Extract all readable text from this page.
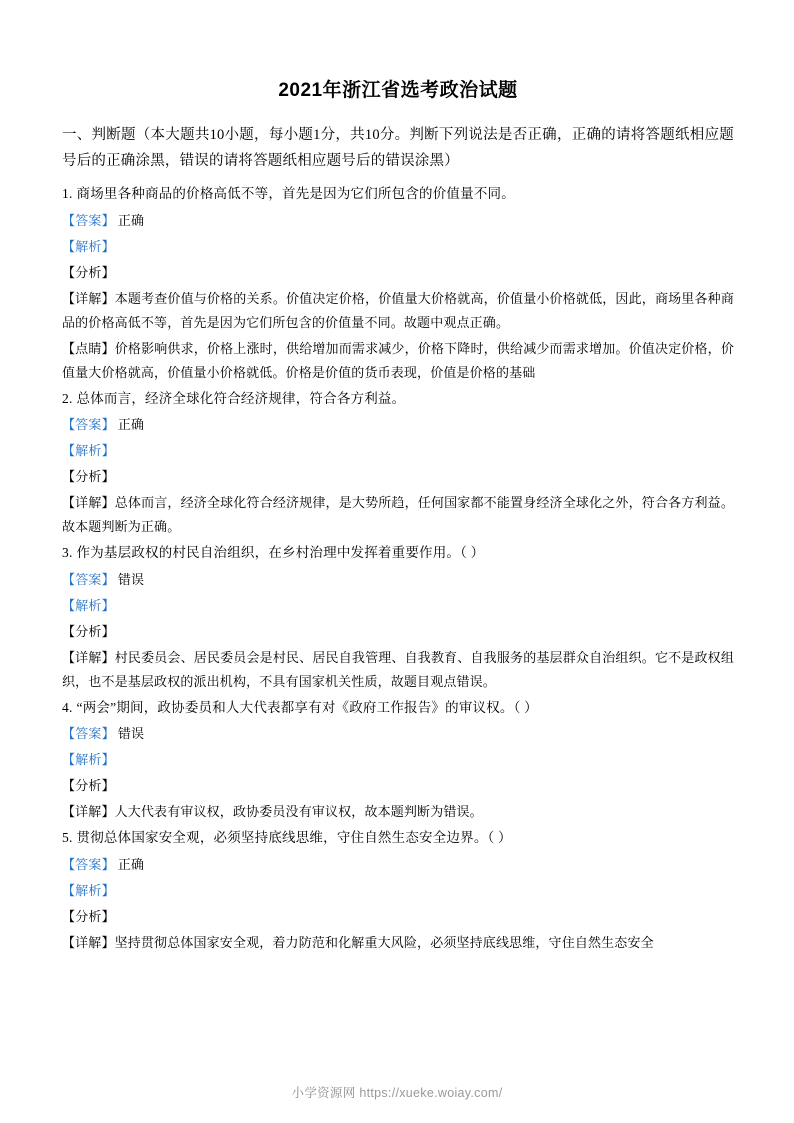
2021年浙江省选考政治试题

一、判断题（本大题共10小题，每小题1分，共10分。判断下列说法是否正确，正确的请将答题纸相应题号后的正确涂黑，错误的请将答题纸相应题号后的错误涂黑）

1. 商场里各种商品的价格高低不等，首先是因为它们所包含的价值量不同。

【答案】 正确

【解析】

【分析】

【详解】本题考查价值与价格的关系。价值决定价格，价值量大价格就高，价值量小价格就低，因此，商场里各种商品的价格高低不等，首先是因为它们所包含的价值量不同。故题中观点正确。

【点睛】价格影响供求，价格上涨时，供给增加而需求减少，价格下降时，供给减少而需求增加。价值决定价格，价值量大价格就高，价值量小价格就低。价格是价值的货币表现，价值是价格的基础

2. 总体而言，经济全球化符合经济规律，符合各方利益。

【答案】 正确

【解析】

【分析】

【详解】总体而言，经济全球化符合经济规律，是大势所趋，任何国家都不能置身经济全球化之外，符合各方利益。故本题判断为正确。

3. 作为基层政权的村民自治组织，在乡村治理中发挥着重要作用。（ ）

【答案】 错误

【解析】

【分析】

【详解】村民委员会、居民委员会是村民、居民自我管理、自我教育、自我服务的基层群众自治组织。它不是政权组织，也不是基层政权的派出机构，不具有国家机关性质，故题目观点错误。

4. “两会”期间，政协委员和人大代表都享有对《政府工作报告》的审议权。（ ）

【答案】 错误

【解析】

【分析】

【详解】人大代表有审议权，政协委员没有审议权，故本题判断为错误。

5. 贯彻总体国家安全观，必须坚持底线思维，守住自然生态安全边界。（ ）

【答案】 正确

【解析】

【分析】

【详解】坚持贯彻总体国家安全观，着力防范和化解重大风险，必须坚持底线思维，守住自然生态安全

小学资源网 https://xueke.woiay.com/
